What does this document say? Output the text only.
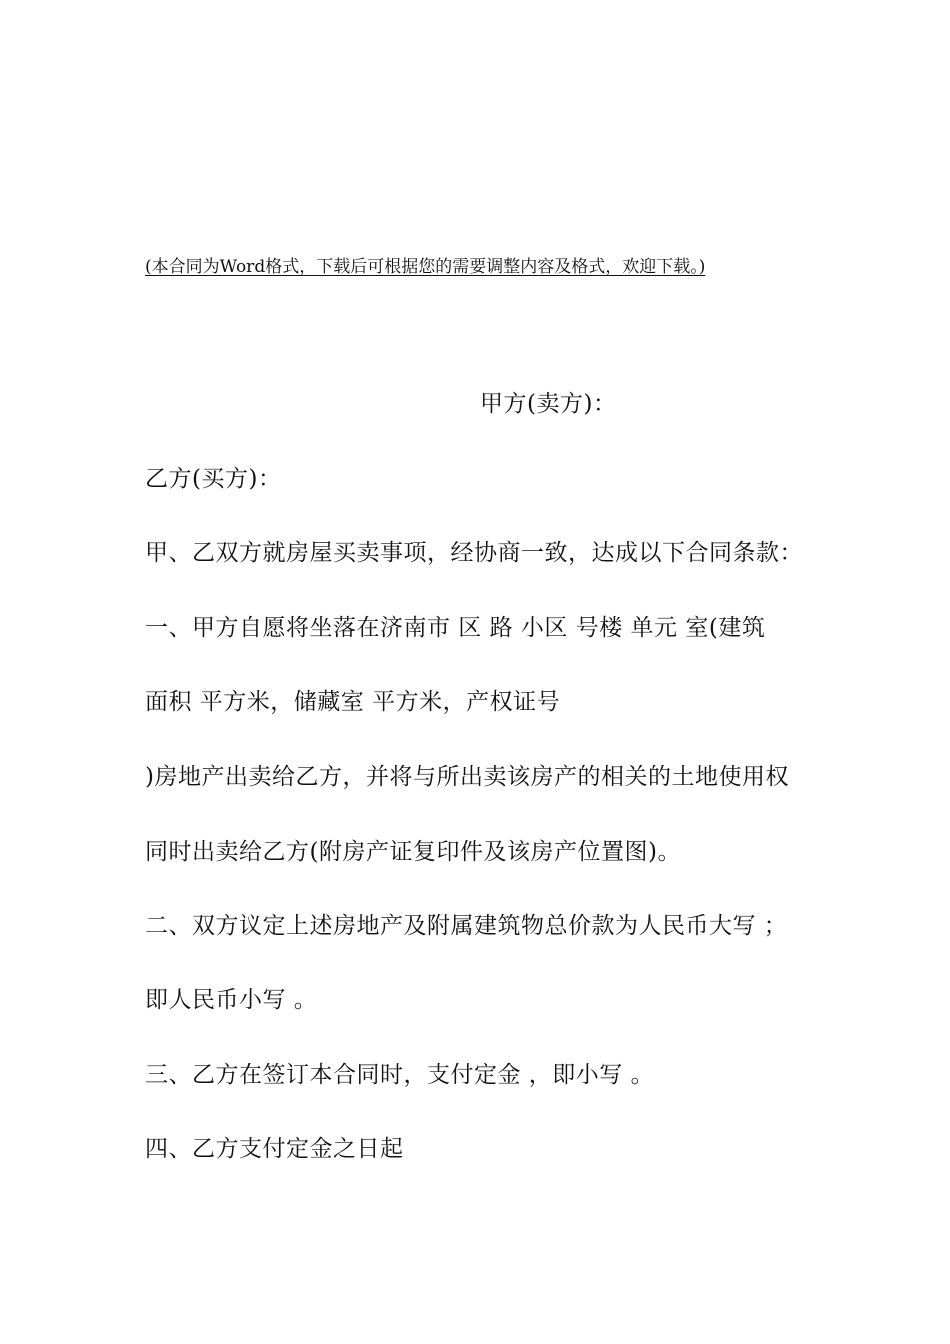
(本合同为Word格式，下载后可根据您的需要调整内容及格式，欢迎下载。)
甲方(卖方)：
乙方(买方)：
甲、乙双方就房屋买卖事项，经协商一致，达成以下合同条款：
一、甲方自愿将坐落在济南市 区 路 小区 号楼 单元 室(建筑
面积 平方米，储藏室 平方米，产权证号
)房地产出卖给乙方，并将与所出卖该房产的相关的土地使用权
同时出卖给乙方(附房产证复印件及该房产位置图)。
二、双方议定上述房地产及附属建筑物总价款为人民币大写 ；
即人民币小写 。
三、乙方在签订本合同时，支付定金 ，即小写 。
四、乙方支付定金之日起
